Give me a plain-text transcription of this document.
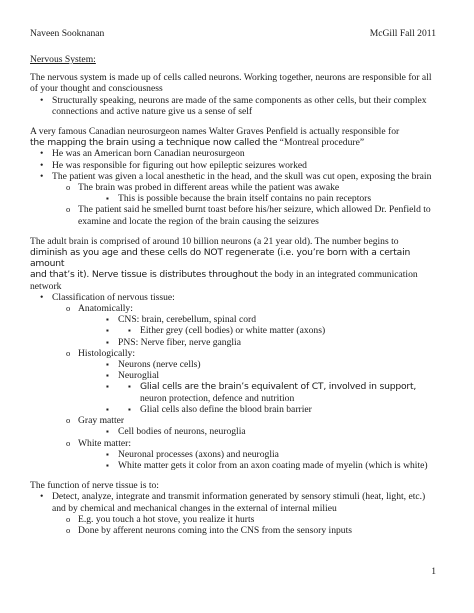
Naveen Sooknanan	McGill Fall 2011
Nervous System:

The nervous system is made up of cells called neurons. Working together, neurons are responsible for all of your thought and consciousness

• Structurally speaking, neurons are made of the same components as other cells, but their complex connections and active nature give us a sense of self

A very famous Canadian neurosurgeon names Walter Graves Penfield is actually responsible for
the mapping the brain using a technique now called the “Montreal procedure”

• He was an American born Canadian neurosurgeon
• He was responsible for figuring out how epileptic seizures worked
• The patient was given a local anesthetic in the head, and the skull was cut open, exposing the brain
o The brain was probed in different areas while the patient was awake
▪ This is possible because the brain itself contains no pain receptors
o The patient said he smelled burnt toast before his/her seizure, which allowed Dr. Penfield to examine and locate the region of the brain causing the seizures

The adult brain is comprised of around 10 billion neurons (a 21 year old). The number begins to
diminish as you age and these cells do NOT regenerate (i.e. you’re born with a certain amount
and that’s it). Nerve tissue is distributes throughout the body in an integrated communication network

• Classification of nervous tissue:
o Anatomically:
▪ CNS: brain, cerebellum, spinal cord
▪ ▪ Either grey (cell bodies) or white matter (axons)
▪ PNS: Nerve fiber, nerve ganglia
o Histologically:
▪ Neurons (nerve cells)
▪ Neuroglial
▪ ▪ Glial cells are the brain’s equivalent of CT, involved in support,
neuron protection, defence and nutrition
▪ ▪ Glial cells also define the blood brain barrier
o Gray matter
▪ Cell bodies of neurons, neuroglia
o White matter:
▪ Neuronal processes (axons) and neuroglia
▪ White matter gets it color from an axon coating made of myelin (which is white)

The function of nerve tissue is to:

• Detect, analyze, integrate and transmit information generated by sensory stimuli (heat, light, etc.) and by chemical and mechanical changes in the external of internal milieu
o E.g. you touch a hot stove, you realize it hurts
o Done by afferent neurons coming into the CNS from the sensory inputs
1
